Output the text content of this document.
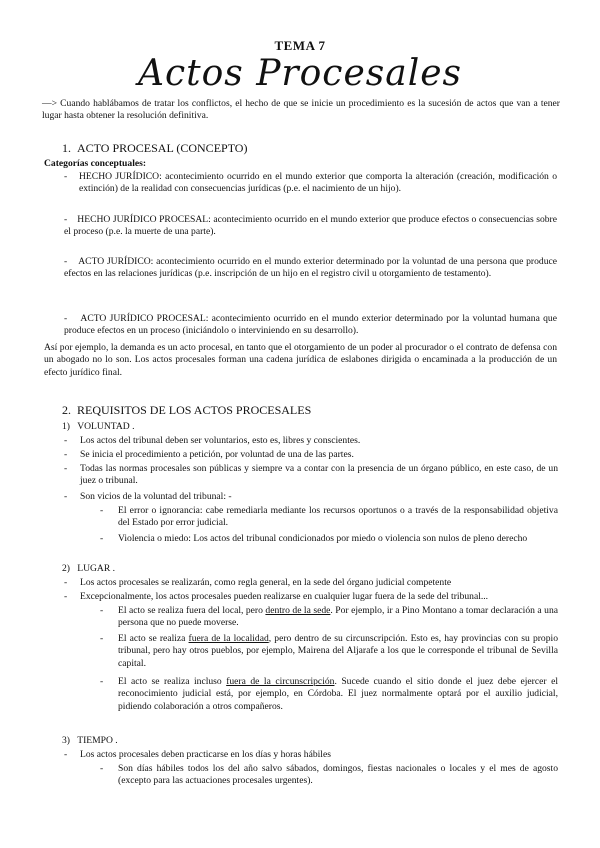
TEMA 7
Actos Procesales
—> Cuando hablábamos de tratar los conflictos, el hecho de que se inicie un procedimiento es la sucesión de actos que van a tener lugar hasta obtener la resolución definitiva.
1. ACTO PROCESAL (CONCEPTO)
Categorías conceptuales:
- HECHO JURÍDICO: acontecimiento ocurrido en el mundo exterior que comporta la alteración (creación, modificación o extinción) de la realidad con consecuencias jurídicas (p.e. el nacimiento de un hijo).
- HECHO JURÍDICO PROCESAL: acontecimiento ocurrido en el mundo exterior que produce efectos o consecuencias sobre el proceso (p.e. la muerte de una parte).
- ACTO JURÍDICO: acontecimiento ocurrido en el mundo exterior determinado por la voluntad de una persona que produce efectos en las relaciones jurídicas (p.e. inscripción de un hijo en el registro civil u otorgamiento de testamento).
- ACTO JURÍDICO PROCESAL: acontecimiento ocurrido en el mundo exterior determinado por la voluntad humana que produce efectos en un proceso (iniciándolo o interviniendo en su desarrollo).
Así por ejemplo, la demanda es un acto procesal, en tanto que el otorgamiento de un poder al procurador o el contrato de defensa con un abogado no lo son. Los actos procesales forman una cadena jurídica de eslabones dirigida o encaminada a la producción de un efecto jurídico final.
2. REQUISITOS DE LOS ACTOS PROCESALES
1) VOLUNTAD .
- Los actos del tribunal deben ser voluntarios, esto es, libres y conscientes.
- Se inicia el procedimiento a petición, por voluntad de una de las partes.
- Todas las normas procesales son públicas y siempre va a contar con la presencia de un órgano público, en este caso, de un juez o tribunal.
- Son vicios de la voluntad del tribunal: -
- El error o ignorancia: cabe remediarla mediante los recursos oportunos o a través de la responsabilidad objetiva del Estado por error judicial.
- Violencia o miedo: Los actos del tribunal condicionados por miedo o violencia son nulos de pleno derecho
2) LUGAR .
- Los actos procesales se realizarán, como regla general, en la sede del órgano judicial competente
- Excepcionalmente, los actos procesales pueden realizarse en cualquier lugar fuera de la sede del tribunal...
- El acto se realiza fuera del local, pero dentro de la sede. Por ejemplo, ir a Pino Montano a tomar declaración a una persona que no puede moverse.
- El acto se realiza fuera de la localidad, pero dentro de su circunscripción. Esto es, hay provincias con su propio tribunal, pero hay otros pueblos, por ejemplo, Mairena del Aljarafe a los que le corresponde el tribunal de Sevilla capital.
- El acto se realiza incluso fuera de la circunscripción. Sucede cuando el sitio donde el juez debe ejercer el reconocimiento judicial está, por ejemplo, en Córdoba. El juez normalmente optará por el auxilio judicial, pidiendo colaboración a otros compañeros.
3) TIEMPO .
- Los actos procesales deben practicarse en los días y horas hábiles
- Son días hábiles todos los del año salvo sábados, domingos, fiestas nacionales o locales y el mes de agosto (excepto para las actuaciones procesales urgentes).
